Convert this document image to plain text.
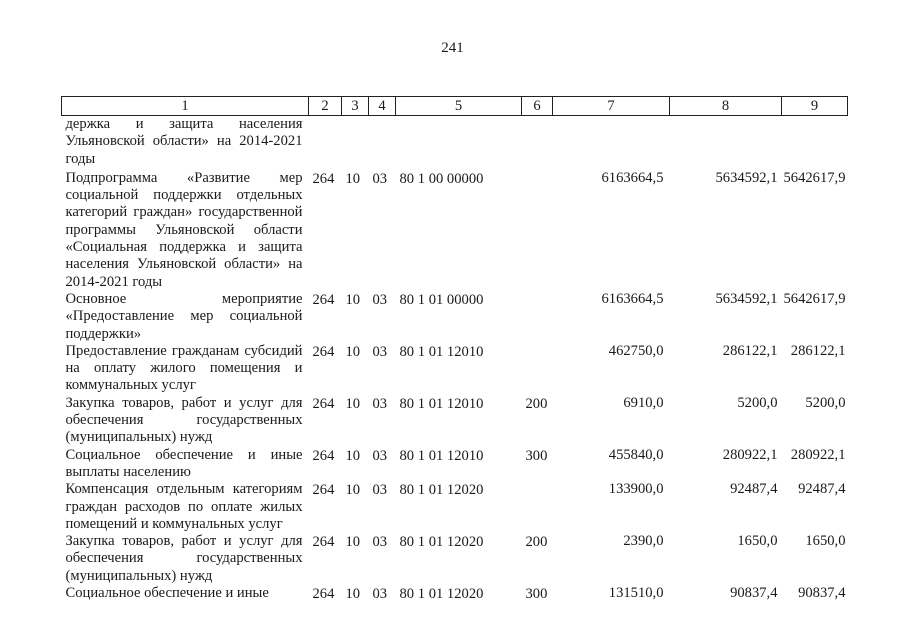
241
1	2	3	4	5	6	7	8	9
держка и защита населения Ульяновской области» на 2014-2021 годы								

Подпрограмма «Развитие мер социальной поддержки отдельных категорий граждан» государственной программы Ульяновской области «Социальная поддержка и защита населения Ульяновской области» на 2014-2021 годы	264	10	03	80 1 00 00000		6163664,5	5634592,1	5642617,9
Основное мероприятие «Предоставление мер социальной поддержки»	264	10	03	80 1 01 00000		6163664,5	5634592,1	5642617,9
Предоставление гражданам субсидий на оплату жилого помещения и коммунальных услуг	264	10	03	80 1 01 12010		462750,0	286122,1	286122,1
Закупка товаров, работ и услуг для обеспечения государственных (муниципальных) нужд	264	10	03	80 1 01 12010	200	6910,0	5200,0	5200,0
Социальное обеспечение и иные выплаты населению	264	10	03	80 1 01 12010	300	455840,0	280922,1	280922,1
Компенсация отдельным категориям граждан расходов по оплате жилых помещений и коммунальных услуг	264	10	03	80 1 01 12020		133900,0	92487,4	92487,4
Закупка товаров, работ и услуг для обеспечения государственных (муниципальных) нужд	264	10	03	80 1 01 12020	200	2390,0	1650,0	1650,0
Социальное обеспечение и иные	264	10	03	80 1 01 12020	300	131510,0	90837,4	90837,4
